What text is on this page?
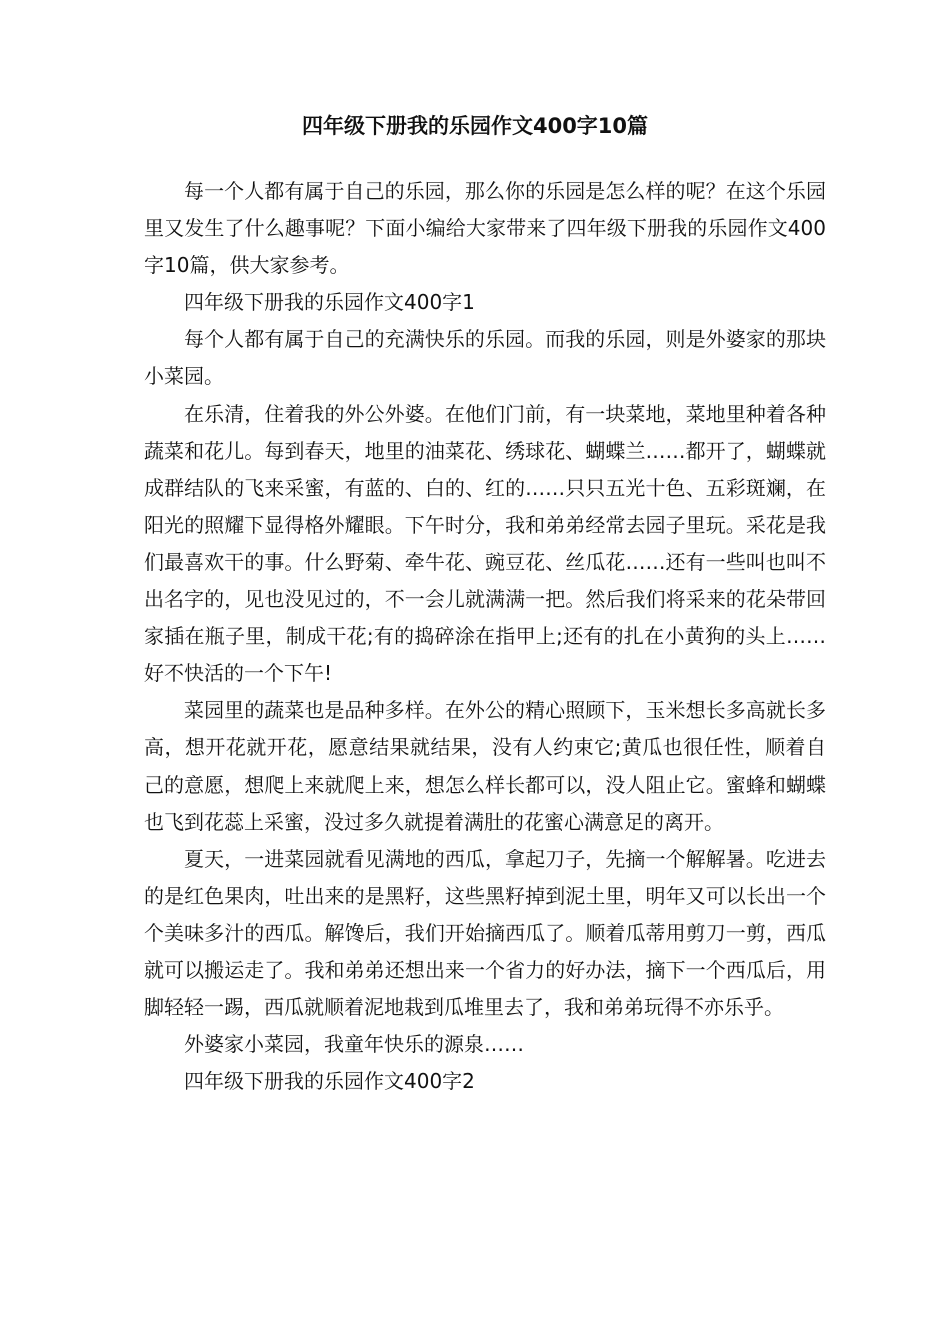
四年级下册我的乐园作文400字10篇

每一个人都有属于自己的乐园，那么你的乐园是怎么样的呢？在这个乐园里又发生了什么趣事呢？下面小编给大家带来了四年级下册我的乐园作文400字10篇，供大家参考。

四年级下册我的乐园作文400字1

每个人都有属于自己的充满快乐的乐园。而我的乐园，则是外婆家的那块小菜园。

在乐清，住着我的外公外婆。在他们门前，有一块菜地，菜地里种着各种蔬菜和花儿。每到春天，地里的油菜花、绣球花、蝴蝶兰……都开了，蝴蝶就成群结队的飞来采蜜，有蓝的、白的、红的……只只五光十色、五彩斑斓，在阳光的照耀下显得格外耀眼。下午时分，我和弟弟经常去园子里玩。采花是我们最喜欢干的事。什么野菊、牵牛花、豌豆花、丝瓜花……还有一些叫也叫不出名字的，见也没见过的，不一会儿就满满一把。然后我们将采来的花朵带回家插在瓶子里，制成干花;有的捣碎涂在指甲上;还有的扎在小黄狗的头上……好不快活的一个下午!

菜园里的蔬菜也是品种多样。在外公的精心照顾下，玉米想长多高就长多高，想开花就开花，愿意结果就结果，没有人约束它;黄瓜也很任性，顺着自己的意愿，想爬上来就爬上来，想怎么样长都可以，没人阻止它。蜜蜂和蝴蝶也飞到花蕊上采蜜，没过多久就提着满肚的花蜜心满意足的离开。

夏天，一进菜园就看见满地的西瓜，拿起刀子，先摘一个解解暑。吃进去的是红色果肉，吐出来的是黑籽，这些黑籽掉到泥土里，明年又可以长出一个个美味多汁的西瓜。解馋后，我们开始摘西瓜了。顺着瓜蒂用剪刀一剪，西瓜就可以搬运走了。我和弟弟还想出来一个省力的好办法，摘下一个西瓜后，用脚轻轻一踢，西瓜就顺着泥地栽到瓜堆里去了，我和弟弟玩得不亦乐乎。

外婆家小菜园，我童年快乐的源泉……

四年级下册我的乐园作文400字2
